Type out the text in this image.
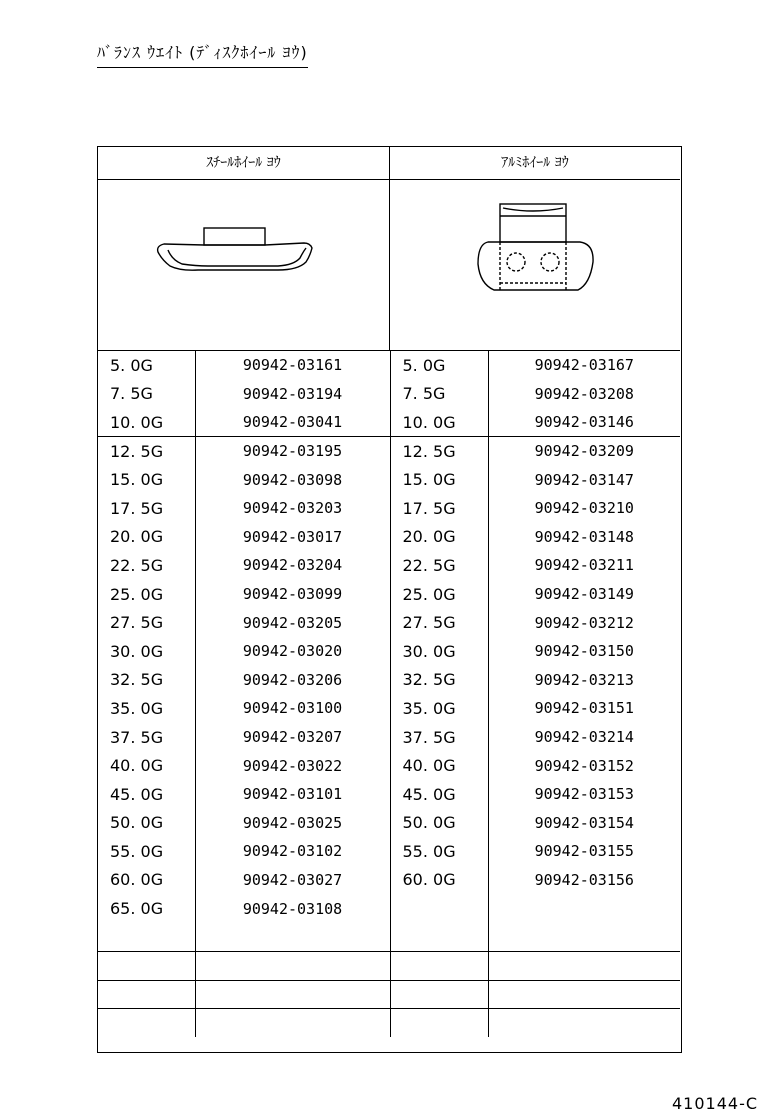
ﾊﾞﾗﾝｽ ｳｴｲﾄ (ﾃﾞｨｽｸﾎｲｰﾙ ﾖｳ)
ｽﾁｰﾙﾎｲｰﾙ ﾖｳ	ｱﾙﾐﾎｲｰﾙ ﾖｳ
5. 0G	90942-03161	5. 0G	90942-03167
7. 5G	90942-03194	7. 5G	90942-03208
10. 0G	90942-03041	10. 0G	90942-03146
12. 5G	90942-03195	12. 5G	90942-03209
15. 0G	90942-03098	15. 0G	90942-03147
17. 5G	90942-03203	17. 5G	90942-03210
20. 0G	90942-03017	20. 0G	90942-03148
22. 5G	90942-03204	22. 5G	90942-03211
25. 0G	90942-03099	25. 0G	90942-03149
27. 5G	90942-03205	27. 5G	90942-03212
30. 0G	90942-03020	30. 0G	90942-03150
32. 5G	90942-03206	32. 5G	90942-03213
35. 0G	90942-03100	35. 0G	90942-03151
37. 5G	90942-03207	37. 5G	90942-03214
40. 0G	90942-03022	40. 0G	90942-03152
45. 0G	90942-03101	45. 0G	90942-03153
50. 0G	90942-03025	50. 0G	90942-03154
55. 0G	90942-03102	55. 0G	90942-03155
60. 0G	90942-03027	60. 0G	90942-03156
65. 0G	90942-03108		

410144-C
